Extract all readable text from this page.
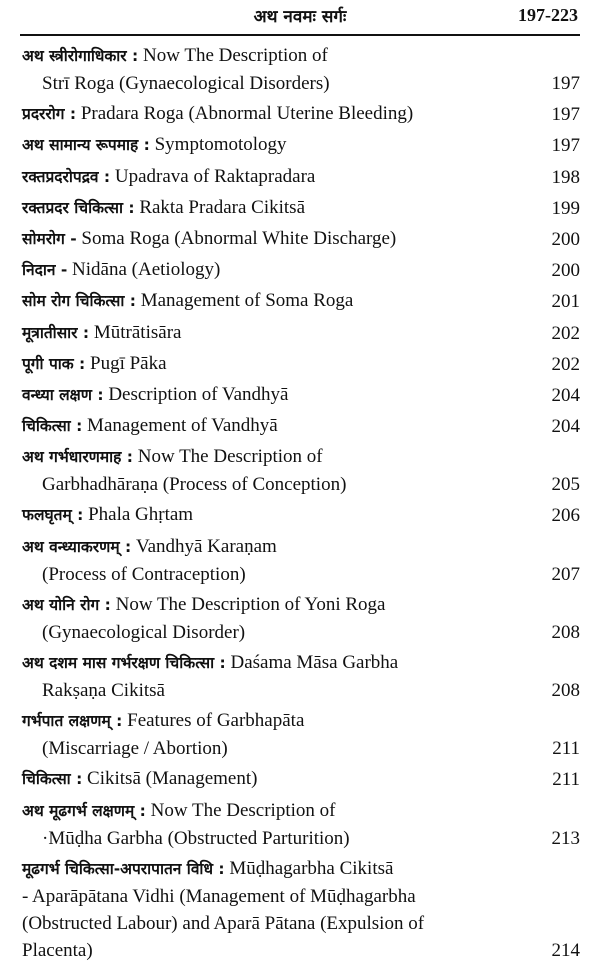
अथ नवमः सर्गः	197-223
अथ स्त्रीरोगाधिकार : Now The Description of
Strī Roga (Gynaecological Disorders)	197
प्रदररोग : Pradara Roga (Abnormal Uterine Bleeding)	197
अथ सामान्य रूपमाह : Symptomotology	197
रक्तप्रदरोपद्रव : Upadrava of Raktapradara	198
रक्तप्रदर चिकित्सा : Rakta Pradara Cikitsā	199
सोमरोग - Soma Roga (Abnormal White Discharge)	200
निदान - Nidāna (Aetiology)	200
सोम रोग चिकित्सा : Management of Soma Roga	201
मूत्रातीसार : Mūtrātisāra	202
पूगी पाक : Pugī Pāka	202
वन्ध्या लक्षण : Description of Vandhyā	204
चिकित्सा : Management of Vandhyā	204
अथ गर्भधारणमाह : Now The Description of
Garbhadhāraṇa (Process of Conception)	205
फलघृतम् : Phala Ghṛtam	206
अथ वन्ध्याकरणम् : Vandhyā Karaṇam
(Process of Contraception)	207
अथ योनि रोग : Now The Description of Yoni Roga
(Gynaecological Disorder)	208
अथ दशम मास गर्भरक्षण चिकित्सा : Daśama Māsa Garbha
Rakṣaṇa Cikitsā	208
गर्भपात लक्षणम् : Features of Garbhapāta
(Miscarriage / Abortion)	211
चिकित्सा : Cikitsā (Management)	211
अथ मूढगर्भ लक्षणम् : Now The Description of
·Mūḍha Garbha (Obstructed Parturition)	213
मूढगर्भ चिकित्सा-अपरापातन विधि : Mūḍhagarbha Cikitsā
- Aparāpātana Vidhi (Management of Mūḍhagarbha
(Obstructed Labour) and Aparā Pātana (Expulsion of
Placenta)	214
